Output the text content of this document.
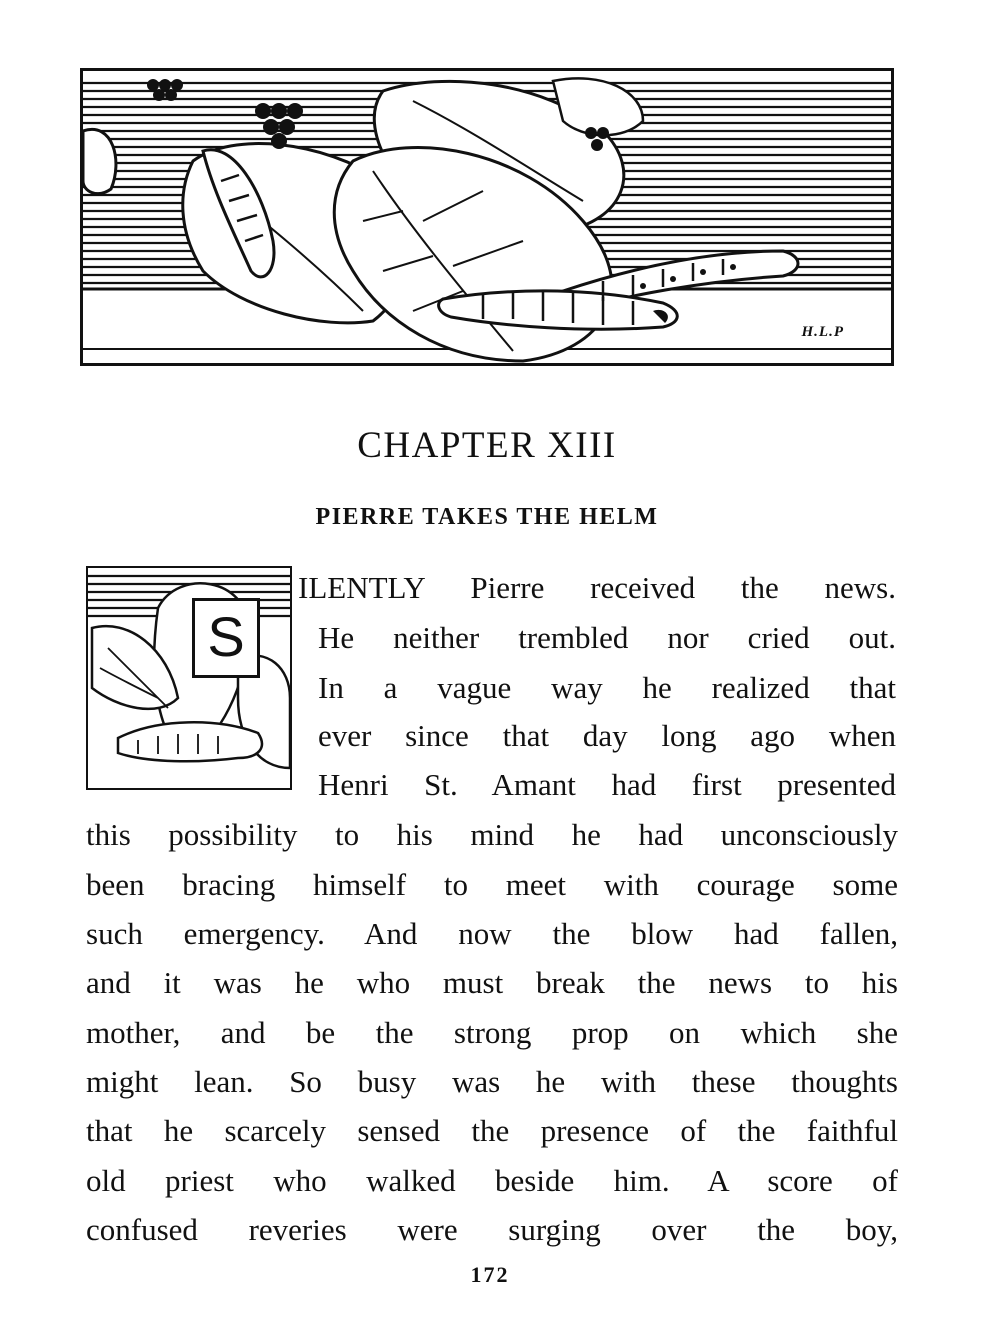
H.L.P
CHAPTER XIII
PIERRE TAKES THE HELM
S
ILENTLY Pierre received the news.
He neither trembled nor cried out.
In a vague way he realized that
ever since that day long ago when
Henri St. Amant had first presented
this possibility to his mind he had unconsciously
been bracing himself to meet with courage some
such emergency. And now the blow had fallen,
and it was he who must break the news to his
mother, and be the strong prop on which she
might lean. So busy was he with these thoughts
that he scarcely sensed the presence of the faithful
old priest who walked beside him. A score of
confused reveries were surging over the boy,
172
